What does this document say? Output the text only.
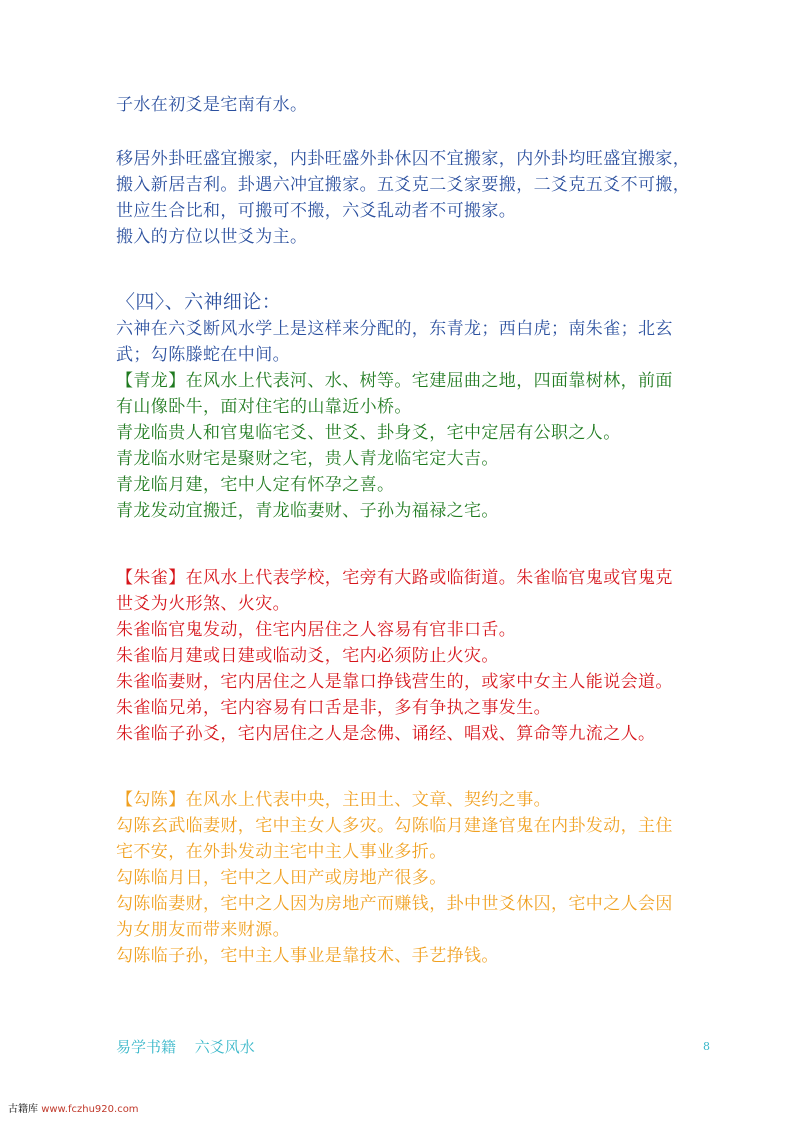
子水在初爻是宅南有水。
移居外卦旺盛宜搬家，内卦旺盛外卦休囚不宜搬家，内外卦均旺盛宜搬家，
搬入新居吉利。卦遇六冲宜搬家。五爻克二爻家要搬，二爻克五爻不可搬，
世应生合比和，可搬可不搬，六爻乱动者不可搬家。
搬入的方位以世爻为主。
〈四〉、六神细论：
六神在六爻断风水学上是这样来分配的，东青龙；西白虎；南朱雀；北玄
武；勾陈滕蛇在中间。
【青龙】在风水上代表河、水、树等。宅建屈曲之地，四面靠树林，前面
有山像卧牛，面对住宅的山靠近小桥。
青龙临贵人和官鬼临宅爻、世爻、卦身爻，宅中定居有公职之人。
青龙临水财宅是聚财之宅，贵人青龙临宅定大吉。
青龙临月建，宅中人定有怀孕之喜。
青龙发动宜搬迁，青龙临妻财、子孙为福禄之宅。
【朱雀】在风水上代表学校，宅旁有大路或临街道。朱雀临官鬼或官鬼克
世爻为火形煞、火灾。
朱雀临官鬼发动，住宅内居住之人容易有官非口舌。
朱雀临月建或日建或临动爻，宅内必须防止火灾。
朱雀临妻财，宅内居住之人是靠口挣钱营生的，或家中女主人能说会道。
朱雀临兄弟，宅内容易有口舌是非，多有争执之事发生。
朱雀临子孙爻，宅内居住之人是念佛、诵经、唱戏、算命等九流之人。
【勾陈】在风水上代表中央，主田土、文章、契约之事。
勾陈玄武临妻财，宅中主女人多灾。勾陈临月建逢官鬼在内卦发动，主住
宅不安，在外卦发动主宅中主人事业多折。
勾陈临月日，宅中之人田产或房地产很多。
勾陈临妻财，宅中之人因为房地产而赚钱，卦中世爻休囚，宅中之人会因
为女朋友而带来财源。
勾陈临子孙，宅中主人事业是靠技术、手艺挣钱。
易学书籍 六爻风水	8
古籍库 www.fczhu920.com
